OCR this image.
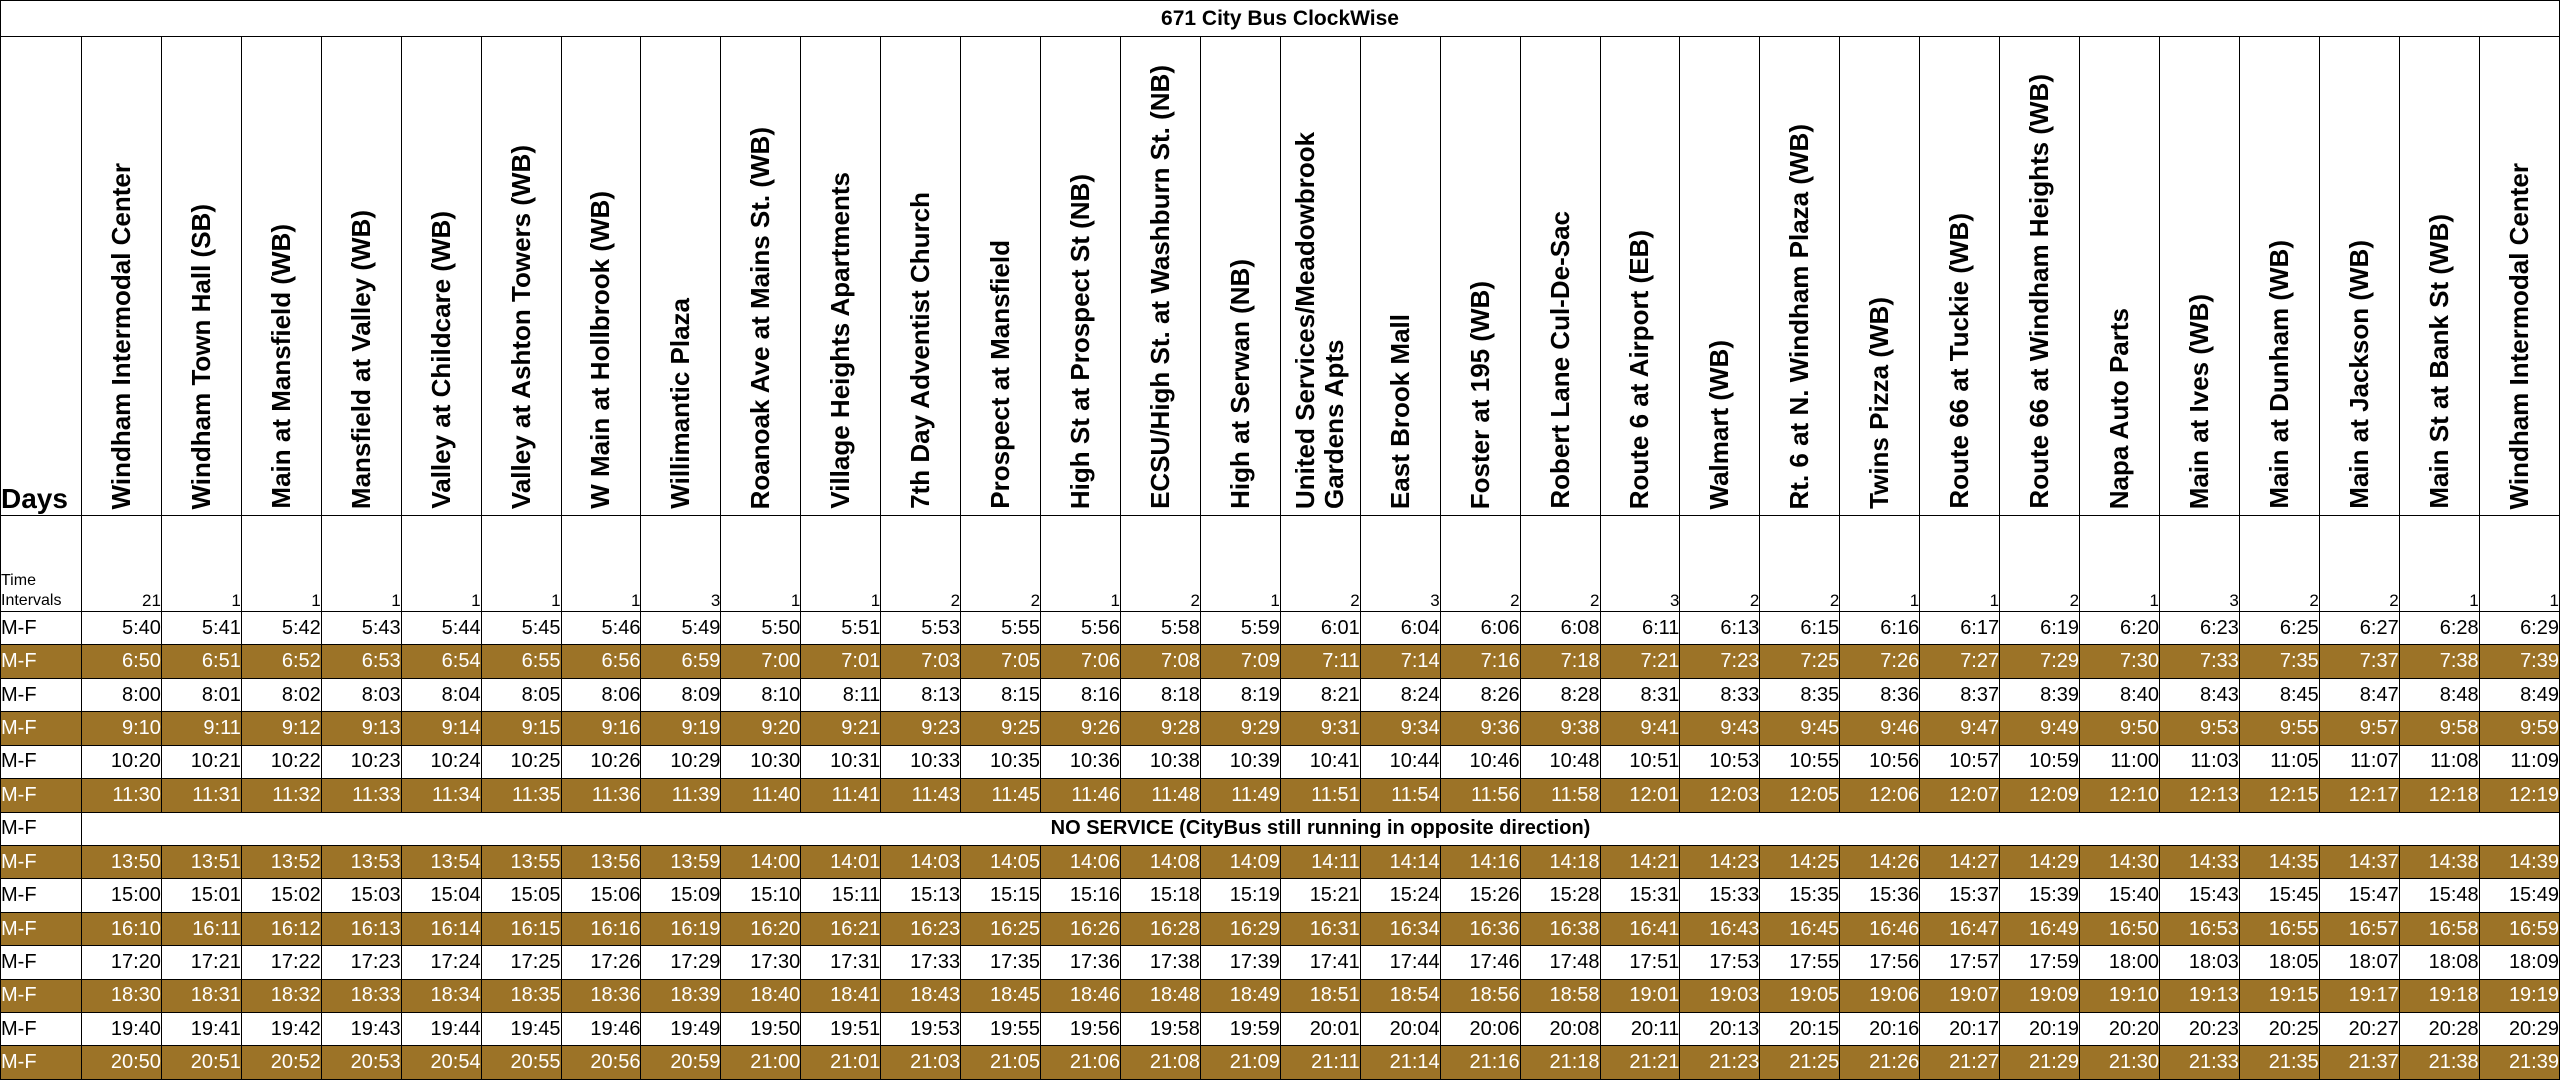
671 City Bus ClockWise																															
Days	Windham Intermodal Center	Windham Town Hall (SB)	Main at Mansfield (WB)	Mansfield at Valley (WB)	Valley at Childcare (WB)	Valley at Ashton Towers (WB)	W Main at Hollbrook (WB)	Willimantic Plaza	Roanoak Ave at Mains St. (WB)	Village Heights Apartments	7th Day Adventist Church	Prospect at Mansfield	High St at Prospect St (NB)	ECSU/High St. at Washburn St. (NB)	High at Serwan (NB)	United Services/Meadowbrook Gardens Apts	East Brook Mall	Foster at 195 (WB)	Robert Lane Cul-De-Sac	Route 6 at Airport (EB)	Walmart (WB)	Rt. 6 at N. Windham Plaza (WB)	Twins Pizza (WB)	Route 66 at Tuckie (WB)	Route 66 at Windham Heights (WB)	Napa Auto Parts	Main at Ives (WB)	Main at Dunham (WB)	Main at Jackson (WB)	Main St at Bank St (WB)	Windham Intermodal Center

Time Intervals	21	1	1	1	1	1	1	3	1	1	2	2	1	2	1	2	3	2	2	3	2	2	1	1	2	1	3	2	2	1	1
M-F	5:40	5:41	5:42	5:43	5:44	5:45	5:46	5:49	5:50	5:51	5:53	5:55	5:56	5:58	5:59	6:01	6:04	6:06	6:08	6:11	6:13	6:15	6:16	6:17	6:19	6:20	6:23	6:25	6:27	6:28	6:29
M-F	6:50	6:51	6:52	6:53	6:54	6:55	6:56	6:59	7:00	7:01	7:03	7:05	7:06	7:08	7:09	7:11	7:14	7:16	7:18	7:21	7:23	7:25	7:26	7:27	7:29	7:30	7:33	7:35	7:37	7:38	7:39
M-F	8:00	8:01	8:02	8:03	8:04	8:05	8:06	8:09	8:10	8:11	8:13	8:15	8:16	8:18	8:19	8:21	8:24	8:26	8:28	8:31	8:33	8:35	8:36	8:37	8:39	8:40	8:43	8:45	8:47	8:48	8:49
M-F	9:10	9:11	9:12	9:13	9:14	9:15	9:16	9:19	9:20	9:21	9:23	9:25	9:26	9:28	9:29	9:31	9:34	9:36	9:38	9:41	9:43	9:45	9:46	9:47	9:49	9:50	9:53	9:55	9:57	9:58	9:59
M-F	10:20	10:21	10:22	10:23	10:24	10:25	10:26	10:29	10:30	10:31	10:33	10:35	10:36	10:38	10:39	10:41	10:44	10:46	10:48	10:51	10:53	10:55	10:56	10:57	10:59	11:00	11:03	11:05	11:07	11:08	11:09
M-F	11:30	11:31	11:32	11:33	11:34	11:35	11:36	11:39	11:40	11:41	11:43	11:45	11:46	11:48	11:49	11:51	11:54	11:56	11:58	12:01	12:03	12:05	12:06	12:07	12:09	12:10	12:13	12:15	12:17	12:18	12:19
M-F	NO SERVICE (CityBus still running in opposite direction)																														
M-F	13:50	13:51	13:52	13:53	13:54	13:55	13:56	13:59	14:00	14:01	14:03	14:05	14:06	14:08	14:09	14:11	14:14	14:16	14:18	14:21	14:23	14:25	14:26	14:27	14:29	14:30	14:33	14:35	14:37	14:38	14:39
M-F	15:00	15:01	15:02	15:03	15:04	15:05	15:06	15:09	15:10	15:11	15:13	15:15	15:16	15:18	15:19	15:21	15:24	15:26	15:28	15:31	15:33	15:35	15:36	15:37	15:39	15:40	15:43	15:45	15:47	15:48	15:49
M-F	16:10	16:11	16:12	16:13	16:14	16:15	16:16	16:19	16:20	16:21	16:23	16:25	16:26	16:28	16:29	16:31	16:34	16:36	16:38	16:41	16:43	16:45	16:46	16:47	16:49	16:50	16:53	16:55	16:57	16:58	16:59
M-F	17:20	17:21	17:22	17:23	17:24	17:25	17:26	17:29	17:30	17:31	17:33	17:35	17:36	17:38	17:39	17:41	17:44	17:46	17:48	17:51	17:53	17:55	17:56	17:57	17:59	18:00	18:03	18:05	18:07	18:08	18:09
M-F	18:30	18:31	18:32	18:33	18:34	18:35	18:36	18:39	18:40	18:41	18:43	18:45	18:46	18:48	18:49	18:51	18:54	18:56	18:58	19:01	19:03	19:05	19:06	19:07	19:09	19:10	19:13	19:15	19:17	19:18	19:19
M-F	19:40	19:41	19:42	19:43	19:44	19:45	19:46	19:49	19:50	19:51	19:53	19:55	19:56	19:58	19:59	20:01	20:04	20:06	20:08	20:11	20:13	20:15	20:16	20:17	20:19	20:20	20:23	20:25	20:27	20:28	20:29
M-F	20:50	20:51	20:52	20:53	20:54	20:55	20:56	20:59	21:00	21:01	21:03	21:05	21:06	21:08	21:09	21:11	21:14	21:16	21:18	21:21	21:23	21:25	21:26	21:27	21:29	21:30	21:33	21:35	21:37	21:38	21:39
